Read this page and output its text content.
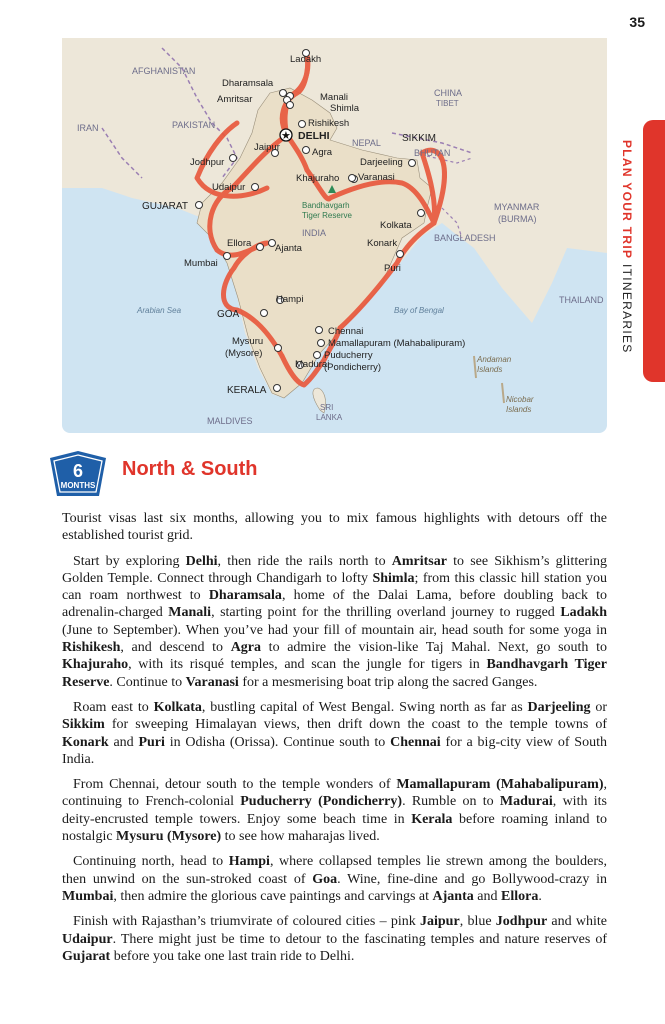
35
PLAN YOUR TRIP ITINERARIES
AFGHANISTAN
PAKISTAN
IRAN
CHINA
TIBET
NEPAL
BHUTAN
INDIA	BANGLADESH
MYANMAR
(BURMA)
THAILAND
SRI
LANKA
MALDIVES
Arabian Sea	Bay of Bengal
Andaman
Islands
Nicobar
Islands
★
Ladakh
Dharamsala
Manali
Amritsar
Shimla
Rishikesh
DELHI
Agra
Jodhpur
Jaipur
Darjeeling
SIKKIM
Khajuraho Varanasi
Udaipur
GUJARAT	Bandhavgarh
Tiger Reserve
Kolkata
Konark
Ellora Ajanta
Puri
Mumbai
Hampi
GOA
Chennai
Mysuru
(Mysore)
Mamallapuram (Mahabalipuram)
Puducherry
(Pondicherry)
KERALA
Madurai
6
MONTHS
North & South

Tourist visas last six months, allowing you to mix famous highlights with detours off the established tourist grid.

Start by exploring Delhi, then ride the rails north to Amritsar to see Sikhism’s glittering Golden Temple. Connect through Chandigarh to lofty Shimla; from this classic hill station you can roam northwest to Dharamsala, home of the Dalai Lama, before doubling back to adrenalin-charged Manali, starting point for the thrilling overland journey to rugged Ladakh (June to September). When you’ve had your fill of mountain air, head south for some yoga in Rishikesh, and descend to Agra to admire the vision-like Taj Mahal. Next, go south to Khajuraho, with its risqué temples, and scan the jungle for tigers in Bandhavgarh Tiger Reserve. Continue to Varanasi for a mesmerising boat trip along the sacred Ganges.

Roam east to Kolkata, bustling capital of West Bengal. Swing north as far as Darjeeling or Sikkim for sweeping Himalayan views, then drift down the coast to the temple towns of Konark and Puri in Odisha (Orissa). Continue south to Chennai for a big-city view of South India.

From Chennai, detour south to the temple wonders of Mamallapuram (Mahabalipuram), continuing to French-colonial Puducherry (Pondicherry). Rumble on to Madurai, with its deity-encrusted temple towers. Enjoy some beach time in Kerala before roaming inland to nostalgic Mysuru (Mysore) to see how maharajas lived.

Continuing north, head to Hampi, where collapsed temples lie strewn among the boulders, then unwind on the sun-stroked coast of Goa. Wine, fine-dine and go Bollywood-crazy in Mumbai, then admire the glorious cave paintings and carvings at Ajanta and Ellora.

Finish with Rajasthan’s triumvirate of coloured cities – pink Jaipur, blue Jodhpur and white Udaipur. There might just be time to detour to the fascinating temples and nature reserves of Gujarat before you take one last train ride to Delhi.
